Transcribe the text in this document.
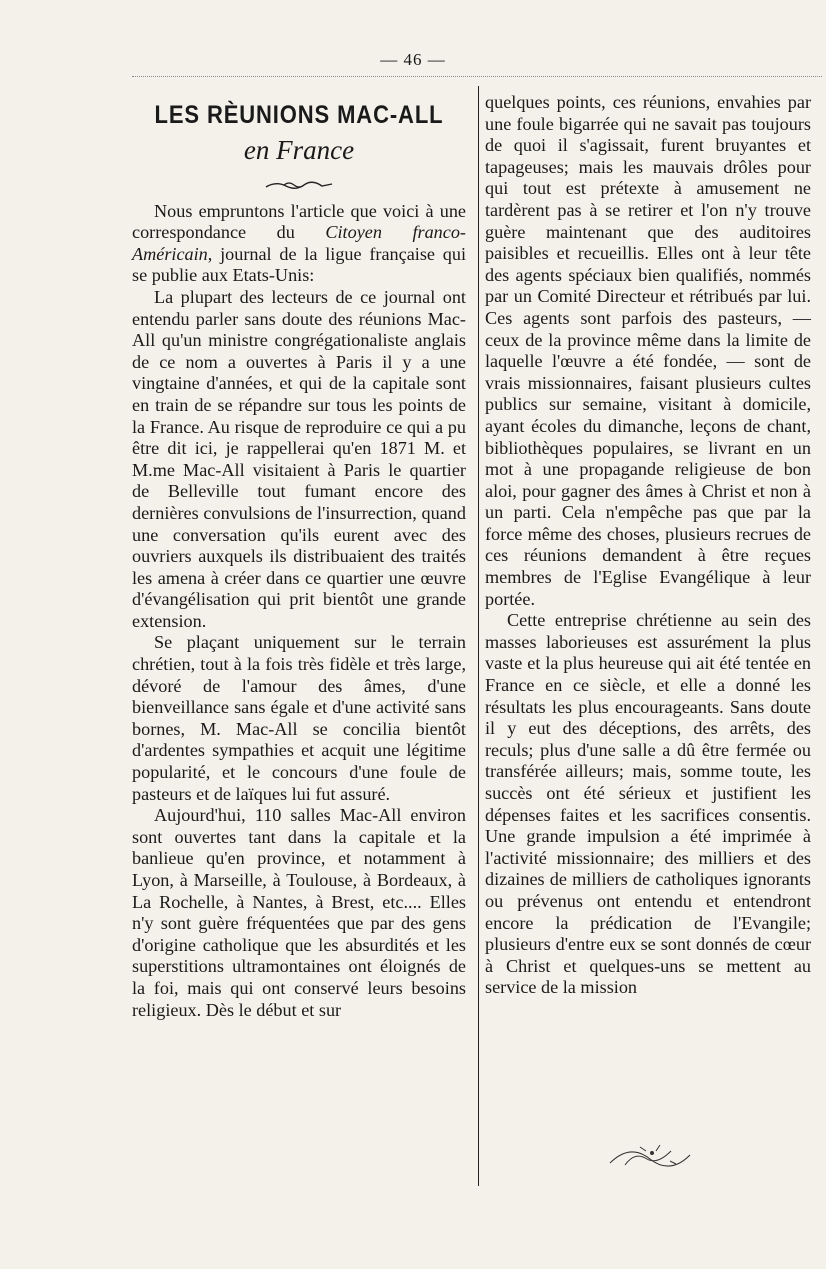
— 46 —
LES RÈUNIONS MAC-ALL
en France

Nous empruntons l'article que voici à une correspondance du Citoyen franco-Américain, journal de la ligue française qui se publie aux Etats-Unis:

La plupart des lecteurs de ce journal ont entendu parler sans doute des réunions Mac-All qu'un ministre congrégationaliste anglais de ce nom a ouvertes à Paris il y a une vingtaine d'années, et qui de la capitale sont en train de se répandre sur tous les points de la France. Au risque de reproduire ce qui a pu être dit ici, je rappellerai qu'en 1871 M. et M.me Mac-All visitaient à Paris le quartier de Belleville tout fumant encore des dernières convulsions de l'insurrection, quand une conversation qu'ils eurent avec des ouvriers auxquels ils distribuaient des traités les amena à créer dans ce quartier une œuvre d'évangélisation qui prit bientôt une grande extension.

Se plaçant uniquement sur le terrain chrétien, tout à la fois très fidèle et très large, dévoré de l'amour des âmes, d'une bienveillance sans égale et d'une activité sans bornes, M. Mac-All se concilia bientôt d'ardentes sympathies et acquit une légitime popularité, et le concours d'une foule de pasteurs et de laïques lui fut assuré.

Aujourd'hui, 110 salles Mac-All environ sont ouvertes tant dans la capitale et la banlieue qu'en province, et notamment à Lyon, à Marseille, à Toulouse, à Bordeaux, à La Rochelle, à Nantes, à Brest, etc.... Elles n'y sont guère fréquentées que par des gens d'origine catholique que les absurdités et les superstitions ultramontaines ont éloignés de la foi, mais qui ont conservé leurs besoins religieux. Dès le début et sur

quelques points, ces réunions, envahies par une foule bigarrée qui ne savait pas toujours de quoi il s'agissait, furent bruyantes et tapageuses; mais les mauvais drôles pour qui tout est prétexte à amusement ne tardèrent pas à se retirer et l'on n'y trouve guère maintenant que des auditoires paisibles et recueillis. Elles ont à leur tête des agents spéciaux bien qualifiés, nommés par un Comité Directeur et rétribués par lui. Ces agents sont parfois des pasteurs, — ceux de la province même dans la limite de laquelle l'œuvre a été fondée, — sont de vrais missionnaires, faisant plusieurs cultes publics sur semaine, visitant à domicile, ayant écoles du dimanche, leçons de chant, bibliothèques populaires, se livrant en un mot à une propagande religieuse de bon aloi, pour gagner des âmes à Christ et non à un parti. Cela n'empêche pas que par la force même des choses, plusieurs recrues de ces réunions demandent à être reçues membres de l'Eglise Evangélique à leur portée.

Cette entreprise chrétienne au sein des masses laborieuses est assurément la plus vaste et la plus heureuse qui ait été tentée en France en ce siècle, et elle a donné les résultats les plus encourageants. Sans doute il y eut des déceptions, des arrêts, des reculs; plus d'une salle a dû être fermée ou transférée ailleurs; mais, somme toute, les succès ont été sérieux et justifient les dépenses faites et les sacrifices consentis. Une grande impulsion a été imprimée à l'activité missionnaire; des milliers et des dizaines de milliers de catholiques ignorants ou prévenus ont entendu et entendront encore la prédication de l'Evangile; plusieurs d'entre eux se sont donnés de cœur à Christ et quelques-uns se mettent au service de la mission
